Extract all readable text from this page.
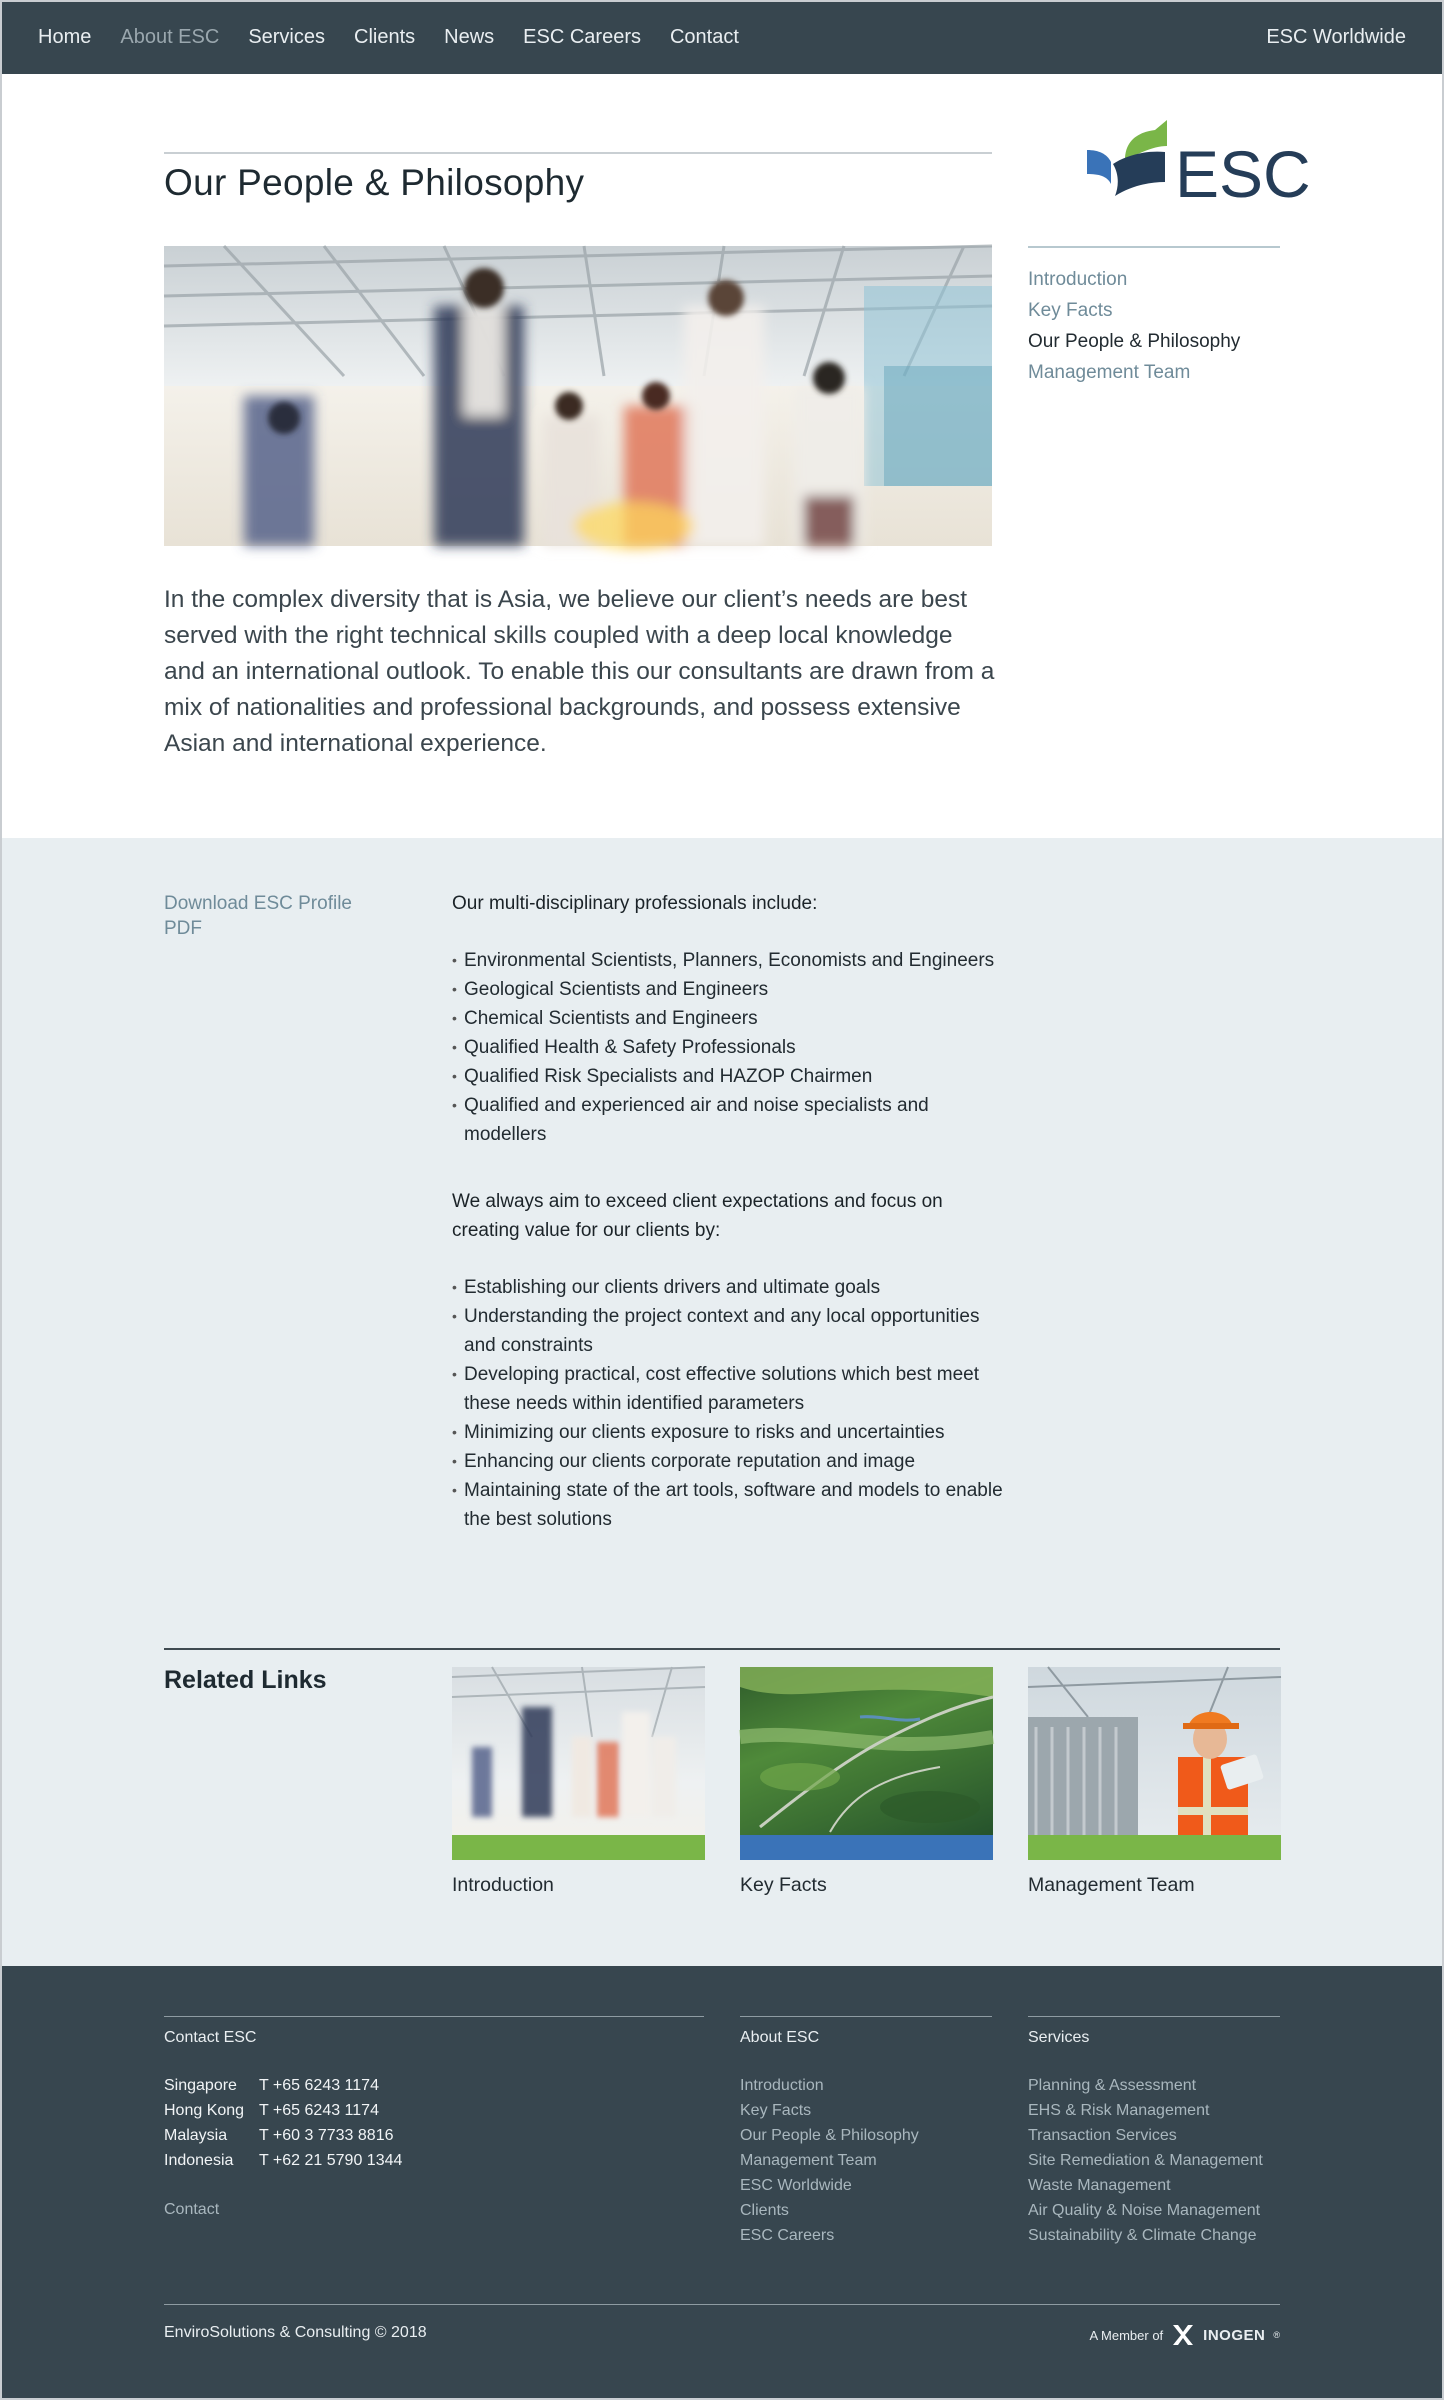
Home About ESC Services Clients News ESC Careers Contact	ESC Worldwide
Our People & Philosophy	ESC
Introduction
Key Facts
Our People & Philosophy
Management Team

In the complex diversity that is Asia, we believe our client’s needs are best served with the right technical skills coupled with a deep local knowledge and an international outlook. To enable this our consultants are drawn from a mix of nationalities and professional backgrounds, and possess extensive Asian and international experience.

Download ESC Profile PDF

Our multi-disciplinary professionals include:

• Environmental Scientists, Planners, Economists and Engineers
• Geological Scientists and Engineers
• Chemical Scientists and Engineers
• Qualified Health & Safety Professionals
• Qualified Risk Specialists and HAZOP Chairmen
• Qualified and experienced air and noise specialists and modellers

We always aim to exceed client expectations and focus on creating value for our clients by:

• Establishing our clients drivers and ultimate goals
• Understanding the project context and any local opportunities and constraints
• Developing practical, cost effective solutions which best meet these needs within identified parameters
• Minimizing our clients exposure to risks and uncertainties
• Enhancing our clients corporate reputation and image
• Maintaining state of the art tools, software and models to enable the best solutions
Related Links
Introduction	Key Facts	Management Team
Contact ESC
Singapore	T +65 6243 1174
Hong Kong T +65 6243 1174
Malaysia	T +60 3 7733 8816
Indonesia	T +62 21 5790 1344
Contact
About ESC
Introduction
Key Facts
Our People & Philosophy
Management Team
ESC Worldwide
Clients
ESC Careers
Services
Planning & Assessment
EHS & Risk Management
Transaction Services
Site Remediation & Management
Waste Management
Air Quality & Noise Management
Sustainability & Climate Change
EnviroSolutions & Consulting © 2018	A Member of	INOGEN ®
